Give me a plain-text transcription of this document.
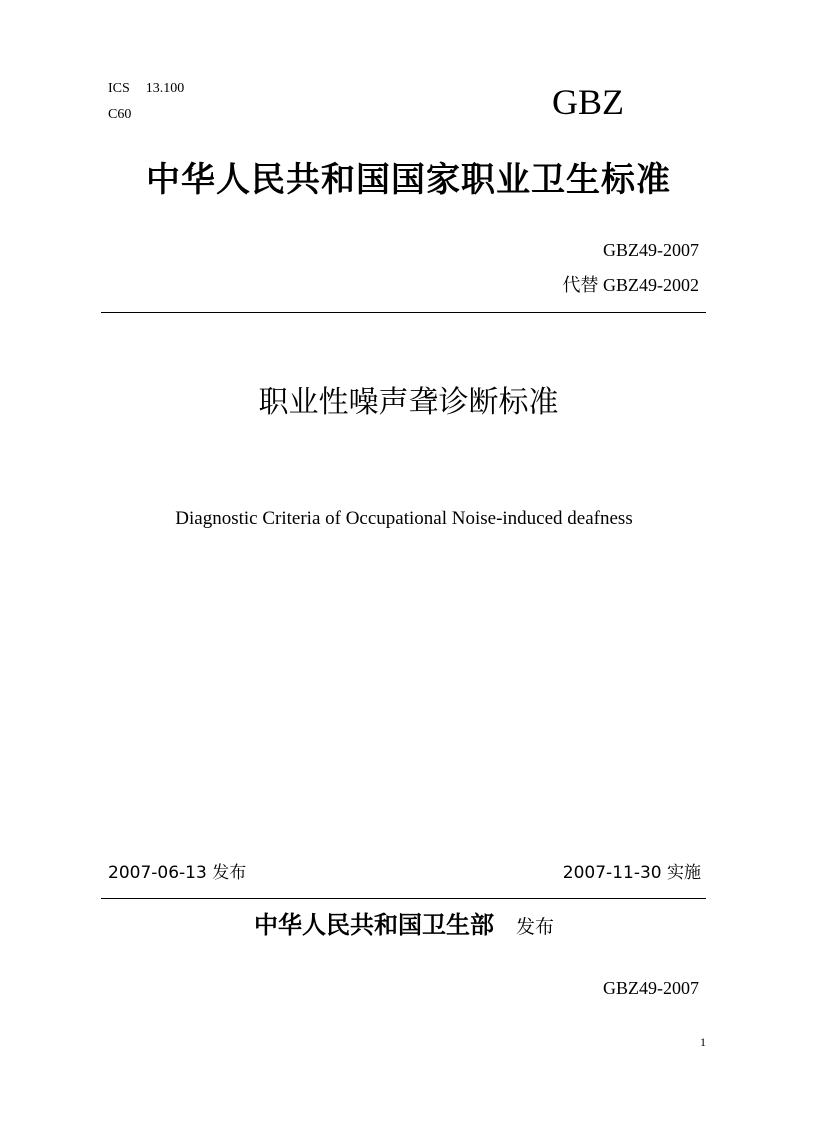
ICS 13.100
C60	GBZ
中华人民共和国国家职业卫生标准
GBZ49-2007
代替 GBZ49-2002
职业性噪声聋诊断标准
Diagnostic Criteria of Occupational Noise-induced deafness
2007-06-13 发布	2007-11-30 实施
中华人民共和国卫生部 发布
GBZ49-2007
1
